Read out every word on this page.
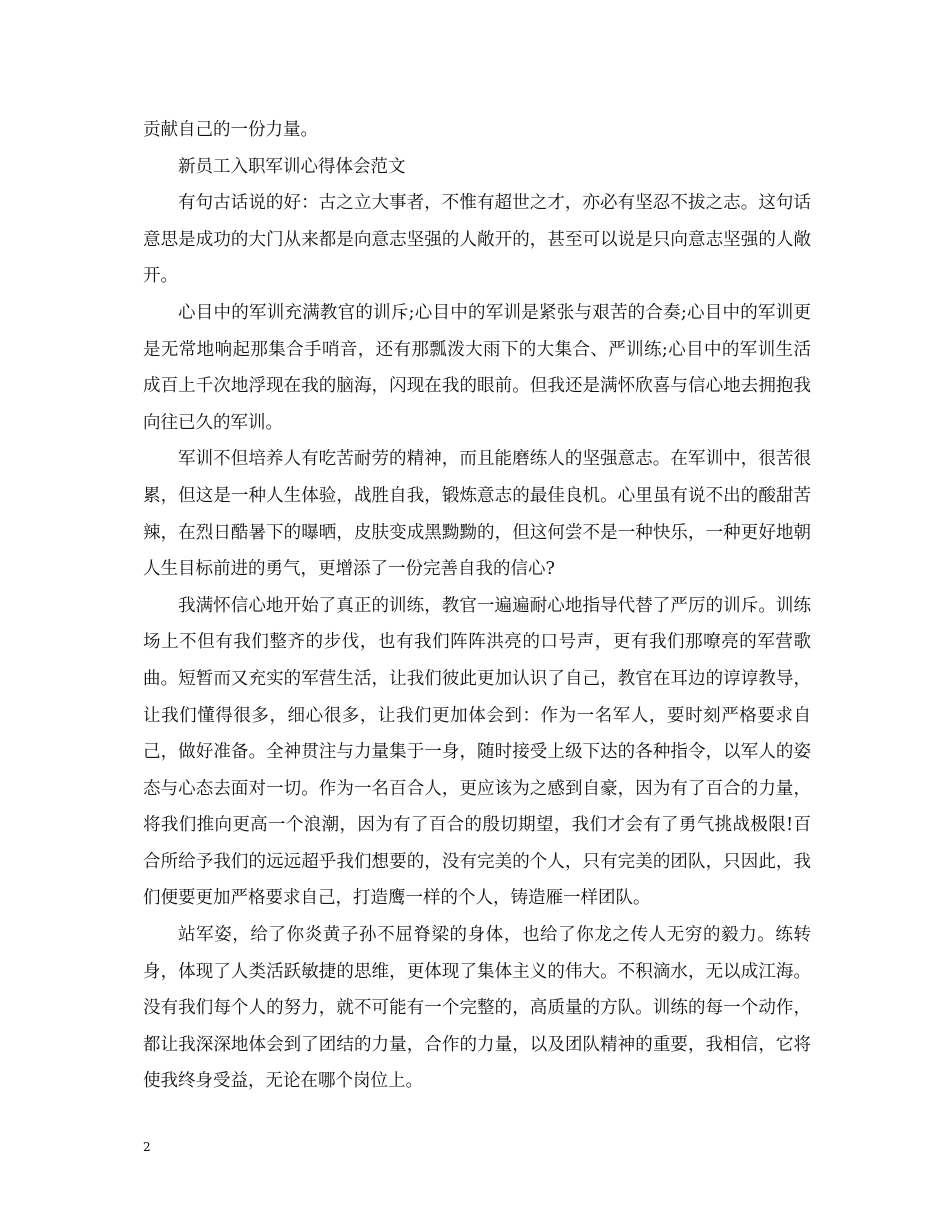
贡献自己的一份力量。

新员工入职军训心得体会范文

有句古话说的好：古之立大事者，不惟有超世之才，亦必有坚忍不拔之志。这句话意思是成功的大门从来都是向意志坚强的人敞开的，甚至可以说是只向意志坚强的人敞开。

心目中的军训充满教官的训斥;心目中的军训是紧张与艰苦的合奏;心目中的军训更是无常地响起那集合手哨音，还有那瓢泼大雨下的大集合、严训练;心目中的军训生活成百上千次地浮现在我的脑海，闪现在我的眼前。但我还是满怀欣喜与信心地去拥抱我向往已久的军训。

军训不但培养人有吃苦耐劳的精神，而且能磨练人的坚强意志。在军训中，很苦很累，但这是一种人生体验，战胜自我，锻炼意志的最佳良机。心里虽有说不出的酸甜苦辣，在烈日酷暑下的曝晒，皮肤变成黑黝黝的，但这何尝不是一种快乐，一种更好地朝人生目标前进的勇气，更增添了一份完善自我的信心?

我满怀信心地开始了真正的训练，教官一遍遍耐心地指导代替了严厉的训斥。训练场上不但有我们整齐的步伐，也有我们阵阵洪亮的口号声，更有我们那嘹亮的军营歌曲。短暂而又充实的军营生活，让我们彼此更加认识了自己，教官在耳边的谆谆教导，让我们懂得很多，细心很多，让我们更加体会到：作为一名军人，要时刻严格要求自己，做好准备。全神贯注与力量集于一身，随时接受上级下达的各种指令，以军人的姿态与心态去面对一切。作为一名百合人，更应该为之感到自豪，因为有了百合的力量，将我们推向更高一个浪潮，因为有了百合的殷切期望，我们才会有了勇气挑战极限!百合所给予我们的远远超乎我们想要的，没有完美的个人，只有完美的团队，只因此，我们便要更加严格要求自己，打造鹰一样的个人，铸造雁一样团队。

站军姿，给了你炎黄子孙不屈脊梁的身体，也给了你龙之传人无穷的毅力。练转身，体现了人类活跃敏捷的思维，更体现了集体主义的伟大。不积滴水，无以成江海。没有我们每个人的努力，就不可能有一个完整的，高质量的方队。训练的每一个动作，都让我深深地体会到了团结的力量，合作的力量，以及团队精神的重要，我相信，它将使我终身受益，无论在哪个岗位上。

2
